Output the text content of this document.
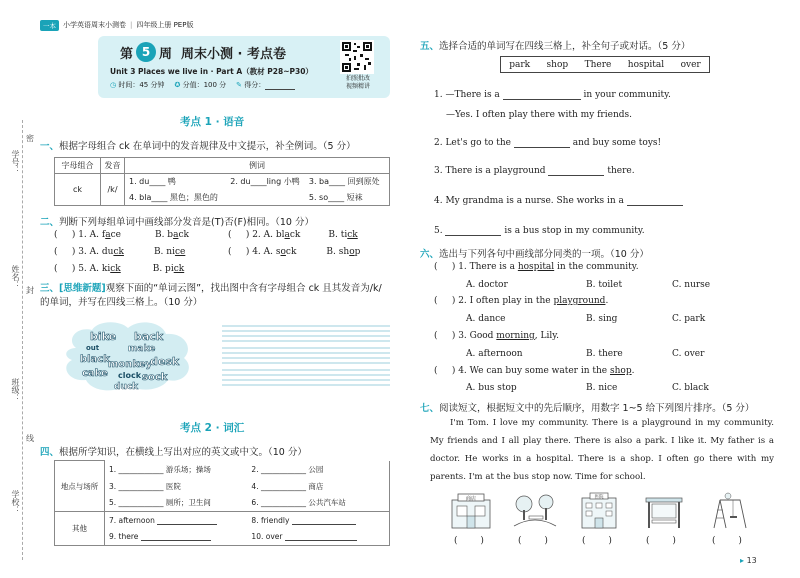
一本	小学英语周末小测卷 | 四年级上册 PEP版
第 5 周 周末小测 · 考点卷
Unit 3 Places we live in · Part A（教材 P28~P30）
◷ 时间：45 分钟 ✪ 分值：100 分 ✎ 得分：
拍照批改
视频精讲
学号：
姓名：
班级：
学校：
密
封
线
考点 1 · 语音
一、根据字母组合 ck 在单词中的发音规律及中文提示，补全例词。（5 分）
字母组合	发音	例词		
ck	/k/	1. du____ 鸭	2. du____ling 小鸭	3. ba____ 回到原处
		4. bla____ 黑色；黑色的		5. so____ 短袜
二、判断下列每组单词中画线部分发音是(T)否(F)相同。（10 分）
(     ) 1. A. face	B. back	(     ) 2. A. black	B. tick
(     ) 3. A. duck	B. nice	(     ) 4. A. sock	B. shop
(     ) 5. A. kick	B. pick
三、[思维新题]观察下面的“单词云图”，找出图中含有字母组合 ck 且其发音为/k/的单词，并写在四线三格上。（10 分）
bike back
out	make
black
monkey
desk
cake clock sock
duck
考点 2 · 词汇
四、根据所学知识，在横线上写出对应的英文或中文。（10 分）
地点与场所	1. ____________ 游乐场；操场	2. ____________ 公园
	3. ____________ 医院	4. ____________ 商店
	5. ____________ 厕所；卫生间	6. ____________ 公共汽车站
其他	7. afternoon	8. friendly
	9. there	10. over
五、选择合适的单词写在四线三格上，补全句子或对话。（5 分）
park shop There hospital over
1. —There is a	in your community.
—Yes. I often play there with my friends.
2. Let's go to the	and buy some toys!
3. There is a playground	there.
4. My grandma is a nurse. She works in a
5.	is a bus stop in my community.
六、选出与下列各句中画线部分同类的一项。（10 分）
(     ) 1. There is a hospital in the community.
A. doctor	B. toilet	C. nurse
(     ) 2. I often play in the playground.
A. dance	B. sing	C. park
(     ) 3. Good morning, Lily.
A. afternoon	B. there	C. over
(     ) 4. We can buy some water in the shop.
A. bus stop	B. nice	C. black
七、阅读短文，根据短文中的先后顺序，用数字 1~5 给下列图片排序。（5 分）
I'm Tom. I love my community. There is a playground in my community. My friends and I all play there. There is also a park. I like it. My father is a doctor. He works in a hospital. There is a shop. I often go there with my parents. I'm at the bus stop now. Time for school.
商店	医院
(        )	(        )	(        )	(        )	(        )
▸ 13
